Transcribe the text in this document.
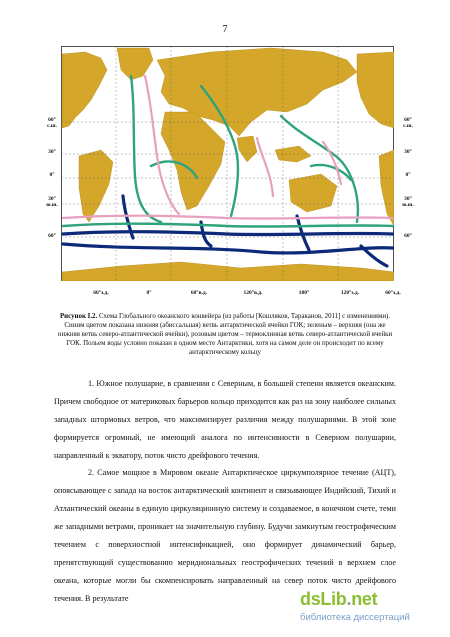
7
60°
с.ш.
30°
0°
30°
ю.ш.
60°
60°
с.ш.
30°
0°
30°
ю.ш.
60°
60°з.д.	0°	60°в.д.	120°в.д.	180°	120°з.д.	60°з.д.
Рисунок I.2. Схема Глобального океанского конвейера (из работы [Кошляков, Тараканов, 2011] с изменениями). Синим цветом показана нижняя (абиссальная) ветвь антарктической ячейки ГОК; зеленым – верхняя (она же нижняя ветвь северо-атлантической ячейки), розовым цветом – термоклинная ветвь северо-атлантической ячейки ГОК. Польем воды условно показан в одном месте Антарктики, хотя на самом деле он происходит по всему антарктическому кольцу
1. Южное полушарие, в сравнении с Северным, в большей степени является океанским. Причем свободное от материковых барьеров кольцо приходится как раз на зону наиболее сильных западных штормовых ветров, что максимизирует различия между полушариями. В этой зоне формируется огромный, не имеющий аналога по интенсивности в Северном полушарии, направленный к экватору, поток чисто дрейфового течения.
2. Самое мощное в Мировом океане Антарктическое циркумполярное течение (АЦТ), опоясывающее с запада на восток антарктический континент и связывающее Индийский, Тихий и Атлантический океаны в единую циркуляционную систему и создаваемое, в конечном счете, теми же западными ветрами, проникает на значительную глубину. Будучи замкнутым геострофическим течением с поверхностной интенсификацией, оно формирует динамический барьер, препятствующий существованию меридиональных геострофических течений в верхнем слое океана, которые могли бы скомпенсировать направленный на север поток чисто дрейфового течения. В результате	dsLib.net
библиотека диссертаций
